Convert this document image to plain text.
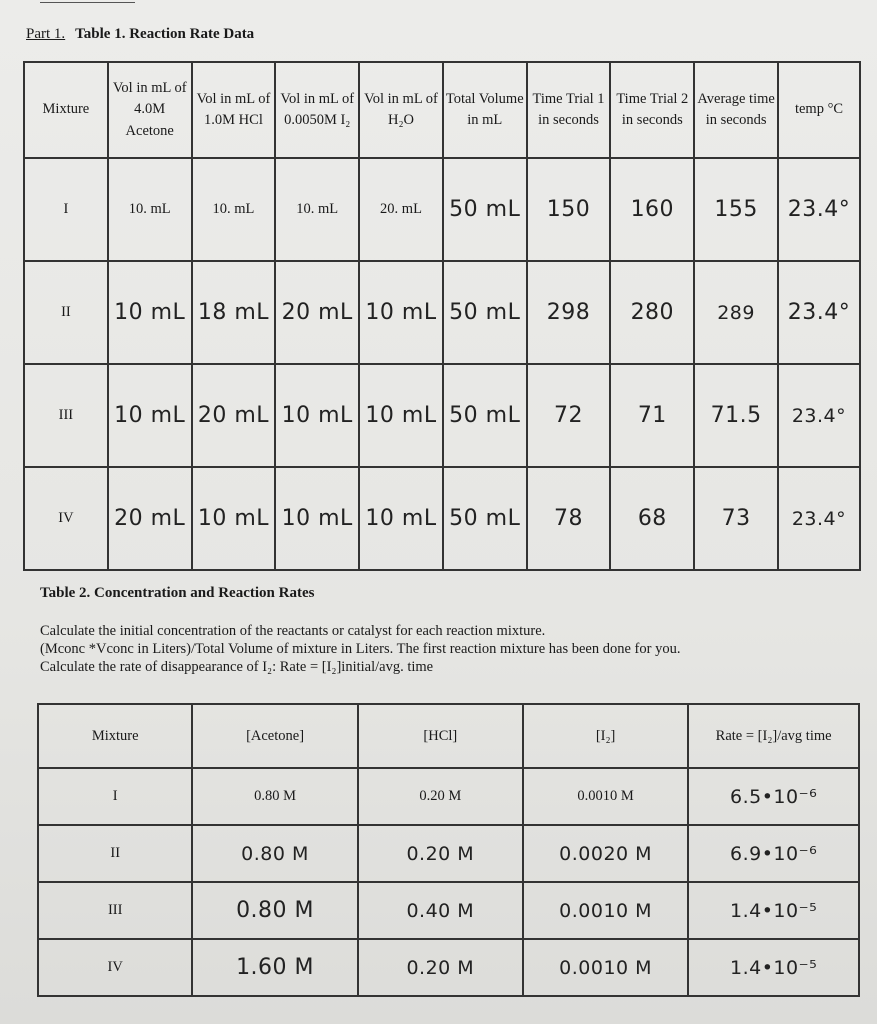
Part 1. Table 1. Reaction Rate Data
Mixture	Vol in mL of 4.0M Acetone	Vol in mL of 1.0M HCl	Vol in mL of 0.0050M I₂	Vol in mL of H₂O	Total Volume in mL	Time Trial 1 in seconds	Time Trial 2 in seconds	Average time in seconds	temp °C
I	10. mL	10. mL	10. mL	20. mL	50 mL	150	160	155	23.4°
II	10 mL	18 mL	20 mL	10 mL	50 mL	298	280	289	23.4°
III	10 mL	20 mL	10 mL	10 mL	50 mL	72	71	71.5	23.4°
IV	20 mL	10 mL	10 mL	10 mL	50 mL	78	68	73	23.4°
Table 2. Concentration and Reaction Rates
Calculate the initial concentration of the reactants or catalyst for each reaction mixture.
(Mconc *Vconc in Liters)/Total Volume of mixture in Liters. The first reaction mixture has been done for you.
Calculate the rate of disappearance of I₂: Rate = [I₂]initial/avg. time
Mixture	[Acetone]	[HCl]	[I₂]	Rate = [I₂]/avg time
I	0.80 M	0.20 M	0.0010 M	6.5•10⁻⁶
II	0.80 M	0.20 M	0.0020 M	6.9•10⁻⁶
III	0.80 M	0.40 M	0.0010 M	1.4•10⁻⁵
IV	1.60 M	0.20 M	0.0010 M	1.4•10⁻⁵
